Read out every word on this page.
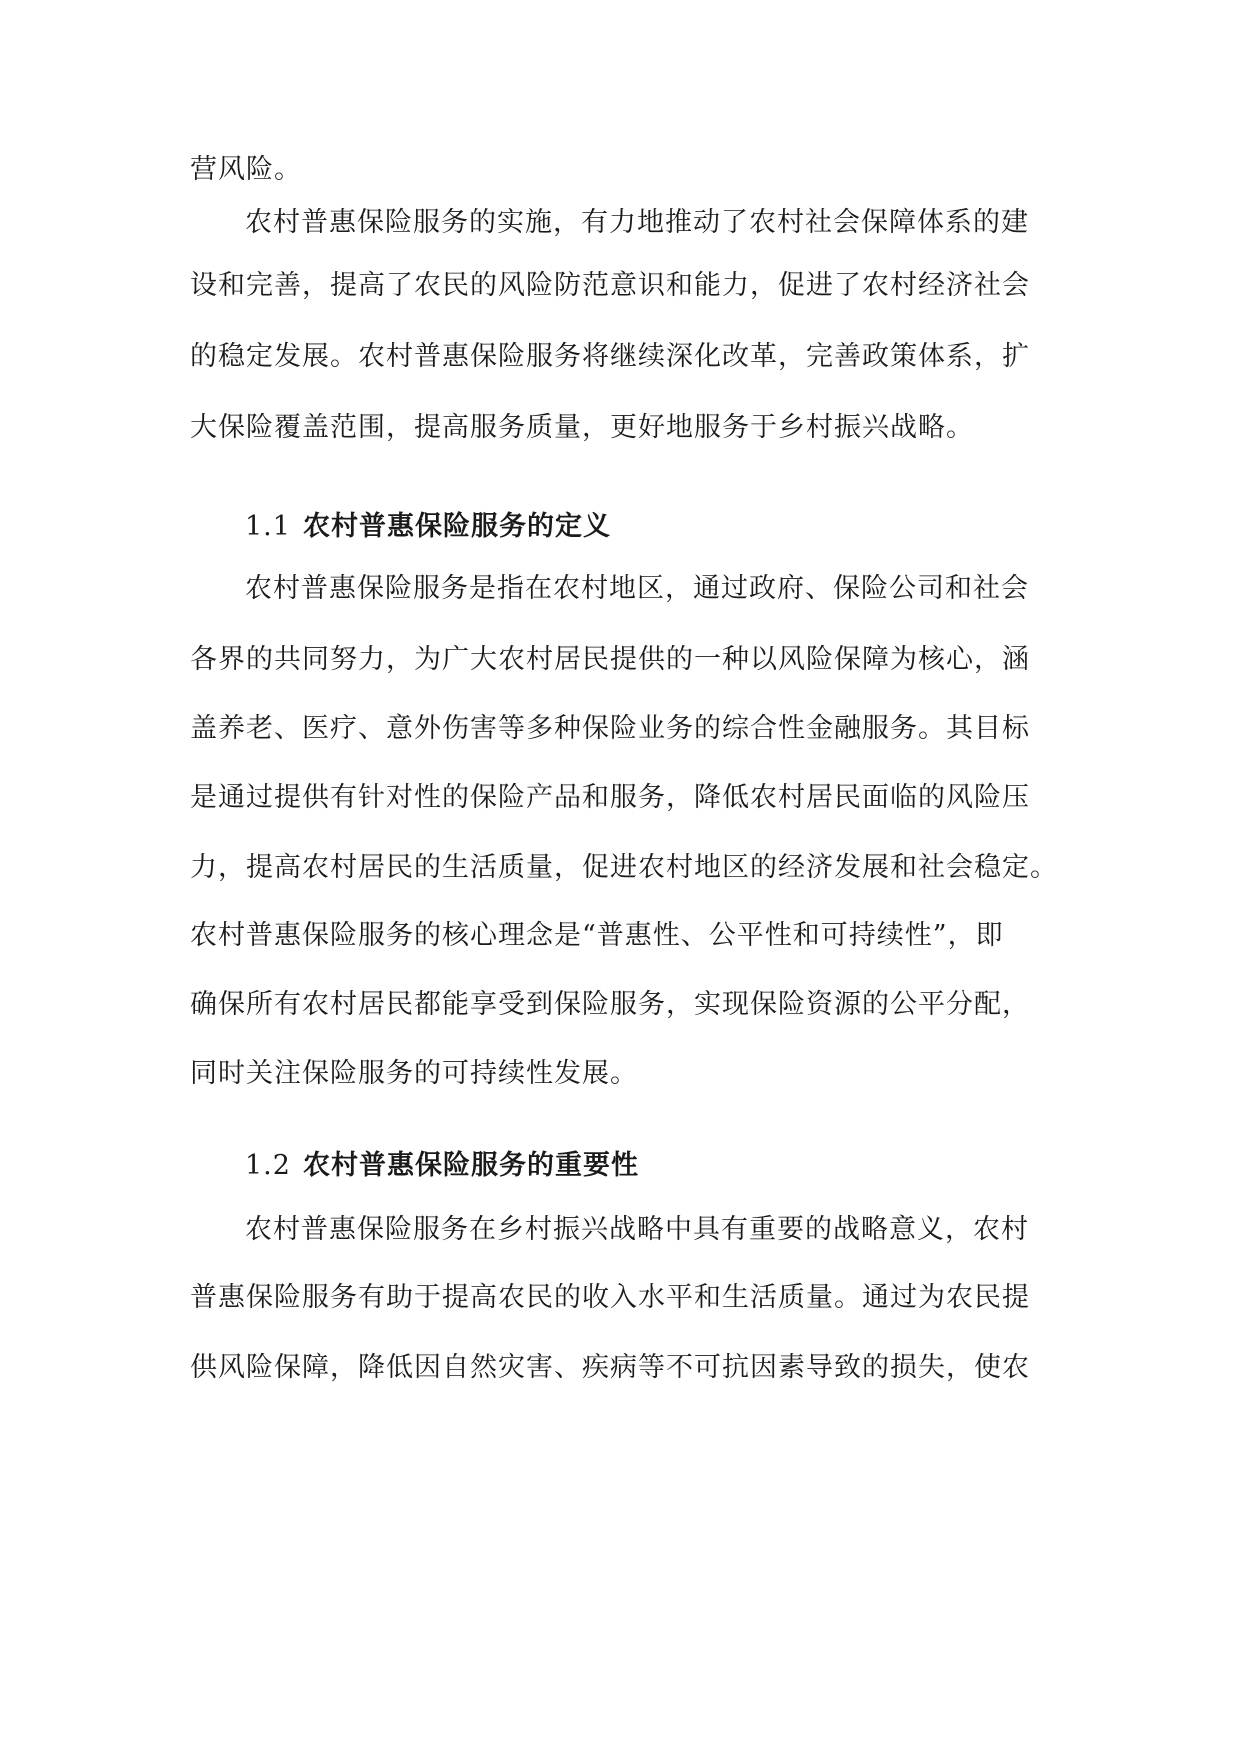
营风险。
农村普惠保险服务的实施，有力地推动了农村社会保障体系的建
设和完善，提高了农民的风险防范意识和能力，促进了农村经济社会
的稳定发展。农村普惠保险服务将继续深化改革，完善政策体系，扩
大保险覆盖范围，提高服务质量，更好地服务于乡村振兴战略。
1.1 农村普惠保险服务的定义
农村普惠保险服务是指在农村地区，通过政府、保险公司和社会
各界的共同努力，为广大农村居民提供的一种以风险保障为核心，涵
盖养老、医疗、意外伤害等多种保险业务的综合性金融服务。其目标
是通过提供有针对性的保险产品和服务，降低农村居民面临的风险压
力，提高农村居民的生活质量，促进农村地区的经济发展和社会稳定。
农村普惠保险服务的核心理念是“普惠性、公平性和可持续性”，即
确保所有农村居民都能享受到保险服务，实现保险资源的公平分配，
同时关注保险服务的可持续性发展。
1.2 农村普惠保险服务的重要性
农村普惠保险服务在乡村振兴战略中具有重要的战略意义，农村
普惠保险服务有助于提高农民的收入水平和生活质量。通过为农民提
供风险保障，降低因自然灾害、疾病等不可抗因素导致的损失，使农
